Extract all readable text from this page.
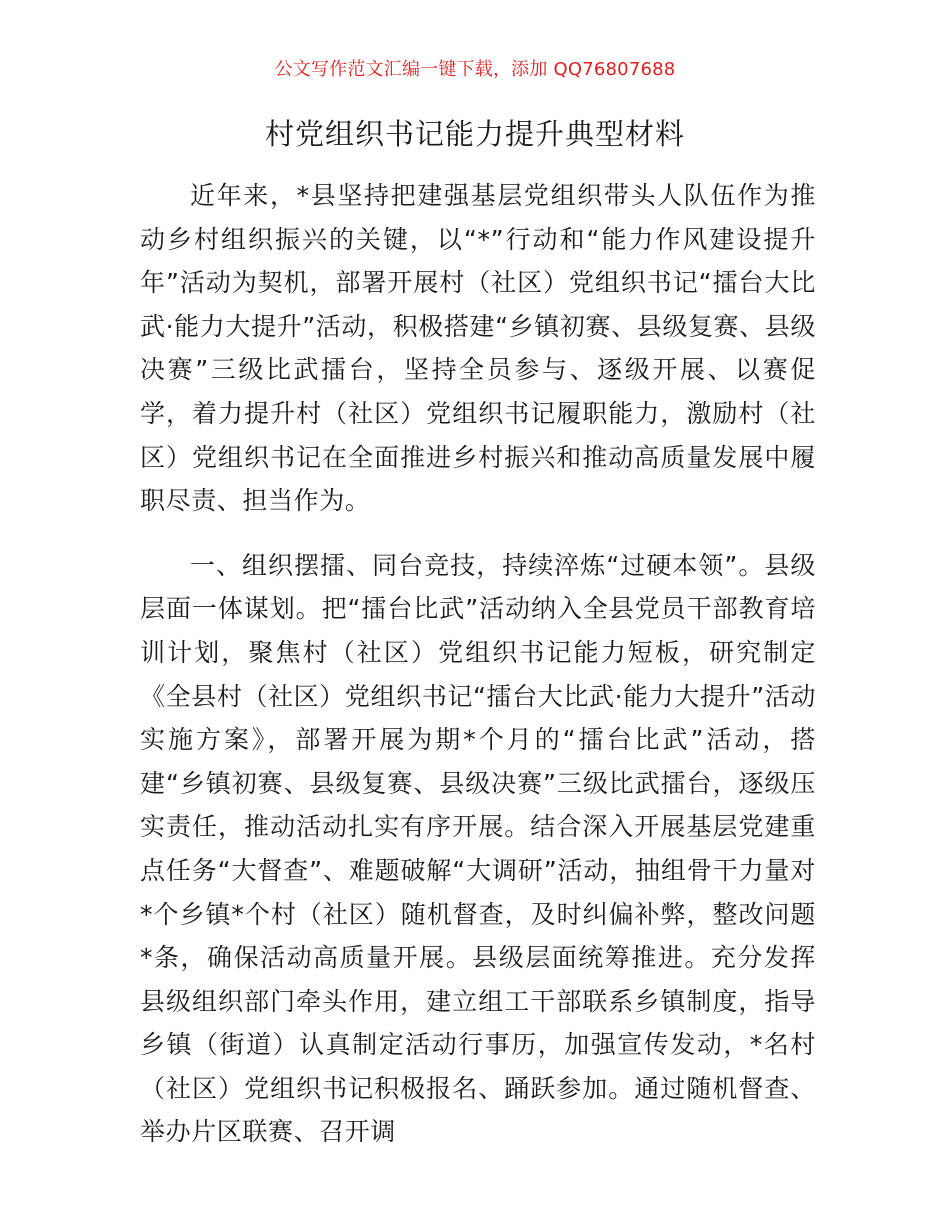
公文写作范文汇编一键下载，添加 QQ76807688
村党组织书记能力提升典型材料

近年来，*县坚持把建强基层党组织带头人队伍作为推动乡村组织振兴的关键，以“*”行动和“能力作风建设提升年”活动为契机，部署开展村（社区）党组织书记“擂台大比武·能力大提升”活动，积极搭建“乡镇初赛、县级复赛、县级决赛”三级比武擂台，坚持全员参与、逐级开展、以赛促学，着力提升村（社区）党组织书记履职能力，激励村（社区）党组织书记在全面推进乡村振兴和推动高质量发展中履职尽责、担当作为。

一、组织摆擂、同台竞技，持续淬炼“过硬本领”。县级层面一体谋划。把“擂台比武”活动纳入全县党员干部教育培训计划，聚焦村（社区）党组织书记能力短板，研究制定《全县村（社区）党组织书记“擂台大比武·能力大提升”活动实施方案》，部署开展为期*个月的“擂台比武”活动，搭建“乡镇初赛、县级复赛、县级决赛”三级比武擂台，逐级压实责任，推动活动扎实有序开展。结合深入开展基层党建重点任务“大督查”、难题破解“大调研”活动，抽组骨干力量对*个乡镇*个村（社区）随机督查，及时纠偏补弊，整改问题*条，确保活动高质量开展。县级层面统筹推进。充分发挥县级组织部门牵头作用，建立组工干部联系乡镇制度，指导乡镇（街道）认真制定活动行事历，加强宣传发动，*名村（社区）党组织书记积极报名、踊跃参加。通过随机督查、举办片区联赛、召开调
